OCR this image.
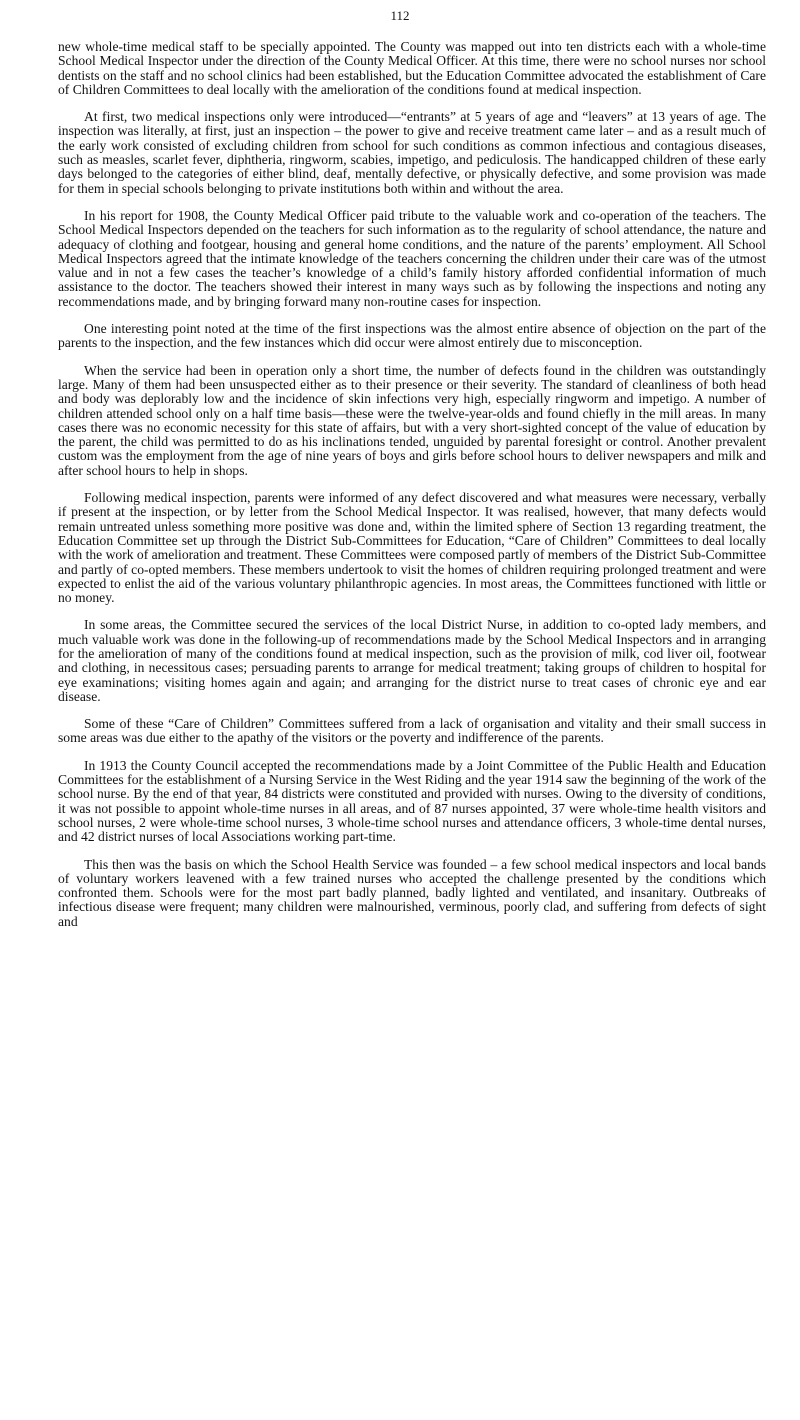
112

new whole-time medical staff to be specially appointed. The County was mapped out into ten districts each with a whole-time School Medical Inspector under the direction of the County Medical Officer. At this time, there were no school nurses nor school dentists on the staff and no school clinics had been established, but the Education Committee advocated the establishment of Care of Children Committees to deal locally with the amelioration of the conditions found at medical inspection.

At first, two medical inspections only were introduced—“entrants” at 5 years of age and “leavers” at 13 years of age. The inspection was literally, at first, just an inspection – the power to give and receive treatment came later – and as a result much of the early work consisted of excluding children from school for such conditions as common infectious and contagious diseases, such as measles, scarlet fever, diphtheria, ringworm, scabies, impetigo, and pediculosis. The handicapped children of these early days belonged to the categories of either blind, deaf, mentally defective, or physically defective, and some provision was made for them in special schools belonging to private institutions both within and without the area.

In his report for 1908, the County Medical Officer paid tribute to the valuable work and co-operation of the teachers. The School Medical Inspectors depended on the teachers for such information as to the regularity of school attendance, the nature and adequacy of clothing and footgear, housing and general home conditions, and the nature of the parents’ employment. All School Medical Inspectors agreed that the intimate knowledge of the teachers concerning the children under their care was of the utmost value and in not a few cases the teacher’s knowledge of a child’s family history afforded confidential information of much assistance to the doctor. The teachers showed their interest in many ways such as by following the inspections and noting any recommendations made, and by bringing forward many non-routine cases for inspection.

One interesting point noted at the time of the first inspections was the almost entire absence of objection on the part of the parents to the inspection, and the few instances which did occur were almost entirely due to misconception.

When the service had been in operation only a short time, the number of defects found in the children was outstandingly large. Many of them had been unsuspected either as to their presence or their severity. The standard of cleanliness of both head and body was deplorably low and the incidence of skin infections very high, especially ringworm and impetigo. A number of children attended school only on a half time basis—these were the twelve-year-olds and found chiefly in the mill areas. In many cases there was no economic necessity for this state of affairs, but with a very short-sighted concept of the value of education by the parent, the child was permitted to do as his inclinations tended, unguided by parental foresight or control. Another prevalent custom was the employment from the age of nine years of boys and girls before school hours to deliver newspapers and milk and after school hours to help in shops.

Following medical inspection, parents were informed of any defect discovered and what measures were necessary, verbally if present at the inspection, or by letter from the School Medical Inspector. It was realised, however, that many defects would remain untreated unless something more positive was done and, within the limited sphere of Section 13 regarding treatment, the Education Committee set up through the District Sub-Committees for Education, “Care of Children” Committees to deal locally with the work of amelioration and treatment. These Committees were composed partly of members of the District Sub-Committee and partly of co-opted members. These members undertook to visit the homes of children requiring prolonged treatment and were expected to enlist the aid of the various voluntary philanthropic agencies. In most areas, the Committees functioned with little or no money.

In some areas, the Committee secured the services of the local District Nurse, in addition to co-opted lady members, and much valuable work was done in the following-up of recommendations made by the School Medical Inspectors and in arranging for the amelioration of many of the conditions found at medical inspection, such as the provision of milk, cod liver oil, footwear and clothing, in necessitous cases; persuading parents to arrange for medical treatment; taking groups of children to hospital for eye examinations; visiting homes again and again; and arranging for the district nurse to treat cases of chronic eye and ear disease.

Some of these “Care of Children” Committees suffered from a lack of organisation and vitality and their small success in some areas was due either to the apathy of the visitors or the poverty and indifference of the parents.

In 1913 the County Council accepted the recommendations made by a Joint Committee of the Public Health and Education Committees for the establishment of a Nursing Service in the West Riding and the year 1914 saw the beginning of the work of the school nurse. By the end of that year, 84 districts were constituted and provided with nurses. Owing to the diversity of conditions, it was not possible to appoint whole-time nurses in all areas, and of 87 nurses appointed, 37 were whole-time health visitors and school nurses, 2 were whole-time school nurses, 3 whole-time school nurses and attendance officers, 3 whole-time dental nurses, and 42 district nurses of local Associations working part-time.

This then was the basis on which the School Health Service was founded – a few school medical inspectors and local bands of voluntary workers leavened with a few trained nurses who accepted the challenge presented by the conditions which confronted them. Schools were for the most part badly planned, badly lighted and ventilated, and insanitary. Outbreaks of infectious disease were frequent; many children were malnourished, verminous, poorly clad, and suffering from defects of sight and
